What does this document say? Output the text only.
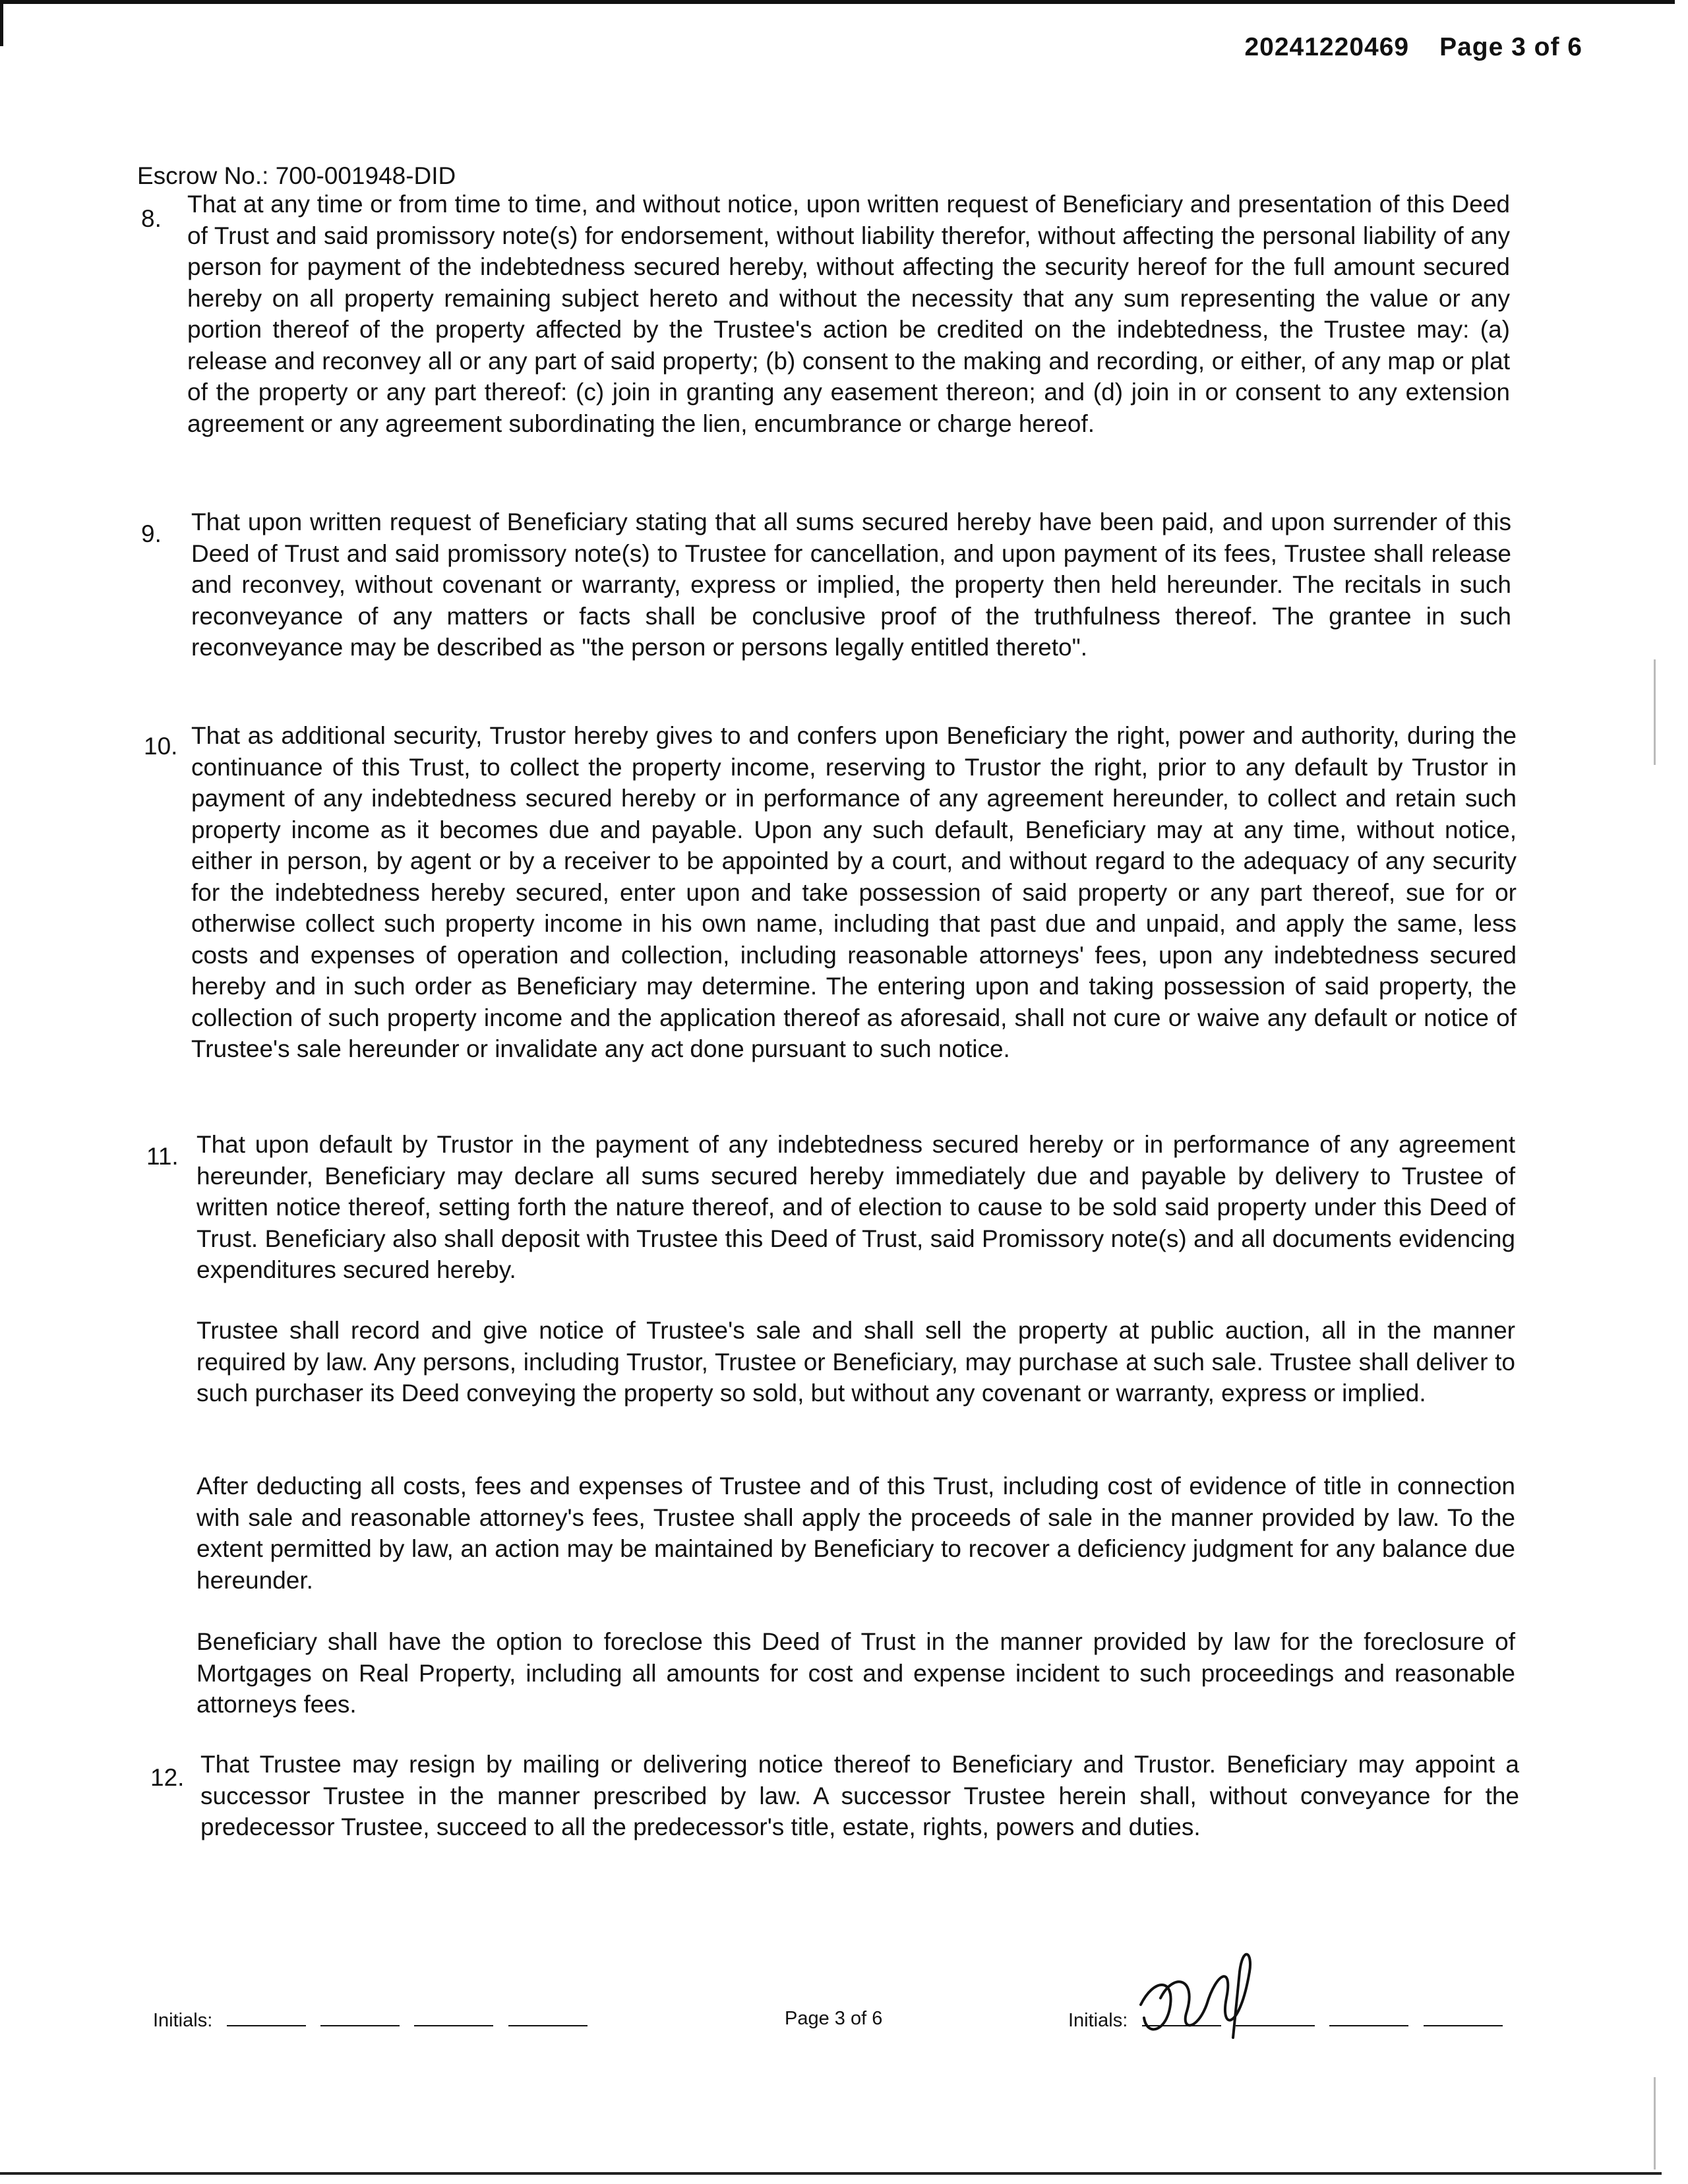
20241220469 Page 3 of 6
Escrow No.: 700-001948-DID
8.
That at any time or from time to time, and without notice, upon written request of Beneficiary and presentation of this Deed of Trust and said promissory note(s) for endorsement, without liability therefor, without affecting the personal liability of any person for payment of the indebtedness secured hereby, without affecting the security hereof for the full amount secured hereby on all property remaining subject hereto and without the necessity that any sum representing the value or any portion thereof of the property affected by the Trustee's action be credited on the indebtedness, the Trustee may: (a) release and reconvey all or any part of said property; (b) consent to the making and recording, or either, of any map or plat of the property or any part thereof: (c) join in granting any easement thereon; and (d) join in or consent to any extension agreement or any agreement subordinating the lien, encumbrance or charge hereof.
9. That upon written request of Beneficiary stating that all sums secured hereby have been paid, and upon surrender of this Deed of Trust and said promissory note(s) to Trustee for cancellation, and upon payment of its fees, Trustee shall release and reconvey, without covenant or warranty, express or implied, the property then held hereunder. The recitals in such reconveyance of any matters or facts shall be conclusive proof of the truthfulness thereof. The grantee in such reconveyance may be described as "the person or persons legally entitled thereto".
10. That as additional security, Trustor hereby gives to and confers upon Beneficiary the right, power and authority, during the continuance of this Trust, to collect the property income, reserving to Trustor the right, prior to any default by Trustor in payment of any indebtedness secured hereby or in performance of any agreement hereunder, to collect and retain such property income as it becomes due and payable. Upon any such default, Beneficiary may at any time, without notice, either in person, by agent or by a receiver to be appointed by a court, and without regard to the adequacy of any security for the indebtedness hereby secured, enter upon and take possession of said property or any part thereof, sue for or otherwise collect such property income in his own name, including that past due and unpaid, and apply the same, less costs and expenses of operation and collection, including reasonable attorneys' fees, upon any indebtedness secured hereby and in such order as Beneficiary may determine. The entering upon and taking possession of said property, the collection of such property income and the application thereof as aforesaid, shall not cure or waive any default or notice of Trustee's sale hereunder or invalidate any act done pursuant to such notice.
11. That upon default by Trustor in the payment of any indebtedness secured hereby or in performance of any agreement hereunder, Beneficiary may declare all sums secured hereby immediately due and payable by delivery to Trustee of written notice thereof, setting forth the nature thereof, and of election to cause to be sold said property under this Deed of Trust. Beneficiary also shall deposit with Trustee this Deed of Trust, said Promissory note(s) and all documents evidencing expenditures secured hereby.
Trustee shall record and give notice of Trustee's sale and shall sell the property at public auction, all in the manner required by law. Any persons, including Trustor, Trustee or Beneficiary, may purchase at such sale. Trustee shall deliver to such purchaser its Deed conveying the property so sold, but without any covenant or warranty, express or implied.
After deducting all costs, fees and expenses of Trustee and of this Trust, including cost of evidence of title in connection with sale and reasonable attorney's fees, Trustee shall apply the proceeds of sale in the manner provided by law. To the extent permitted by law, an action may be maintained by Beneficiary to recover a deficiency judgment for any balance due hereunder.
Beneficiary shall have the option to foreclose this Deed of Trust in the manner provided by law for the foreclosure of Mortgages on Real Property, including all amounts for cost and expense incident to such proceedings and reasonable attorneys fees.
12. That Trustee may resign by mailing or delivering notice thereof to Beneficiary and Trustor. Beneficiary may appoint a successor Trustee in the manner prescribed by law. A successor Trustee herein shall, without conveyance for the predecessor Trustee, succeed to all the predecessor's title, estate, rights, powers and duties.
Initials:	Page 3 of 6	Initials:
